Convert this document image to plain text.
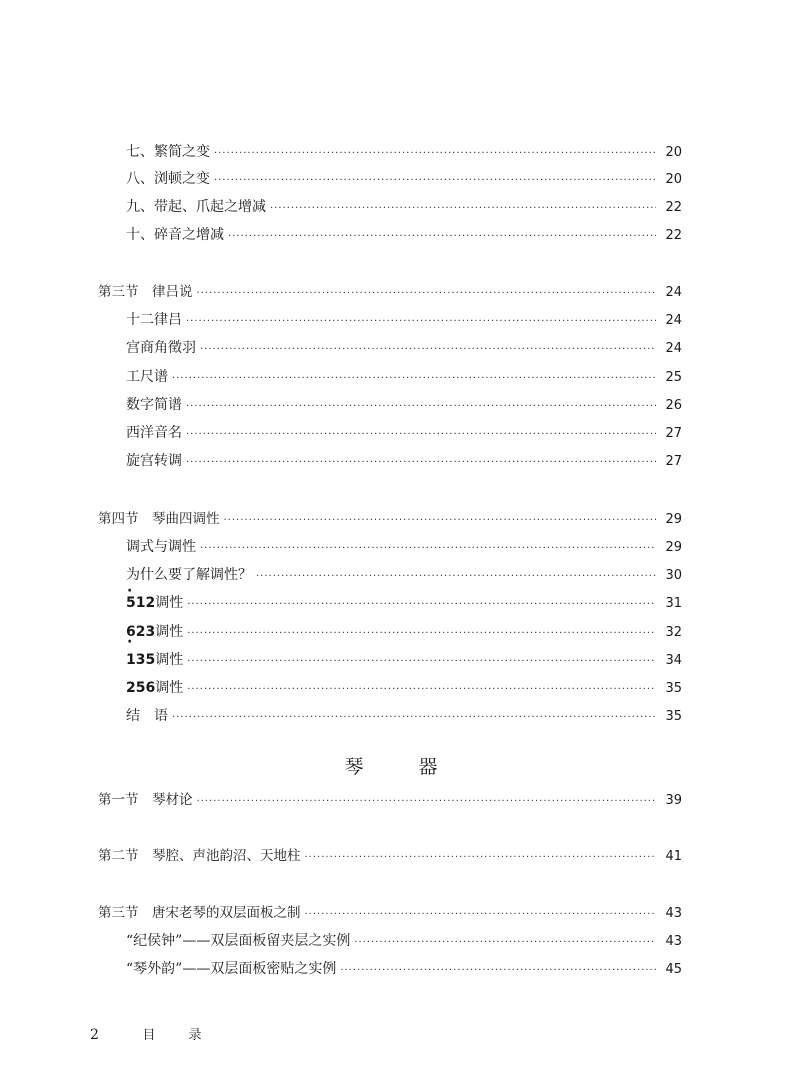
七、繁简之变 ·····	20
八、浏顿之变 ·····	20
九、带起、爪起之增减 ·····	22
十、碎音之增减 ·····	22
第三节　律吕说 ·····	24
十二律吕 ·····	24
宫商角徵羽 ·····	24
工尺谱 ·····	25
数字简谱 ·····	26
西洋音名 ·····	27
旋宫转调 ·····	27
第四节　琴曲四调性 ·····	29
调式与调性 ·····	29
为什么要了解调性？ ·····	30
· 512 调性 ·····	31
623 · 调性 ·····	32
135 调性 ·····	34
256 调性 ·····	35
结　语 ·····	35
琴　器
第一节　琴材论 ·····	39
第二节　琴腔、声池韵沼、天地柱 ·····	41
第三节　唐宋老琴的双层面板之制 ·····	43
“纪侯钟”——双层面板留夹层之实例 ·····	43
“琴外韵”——双层面板密贴之实例 ·····	45
2	目　录
